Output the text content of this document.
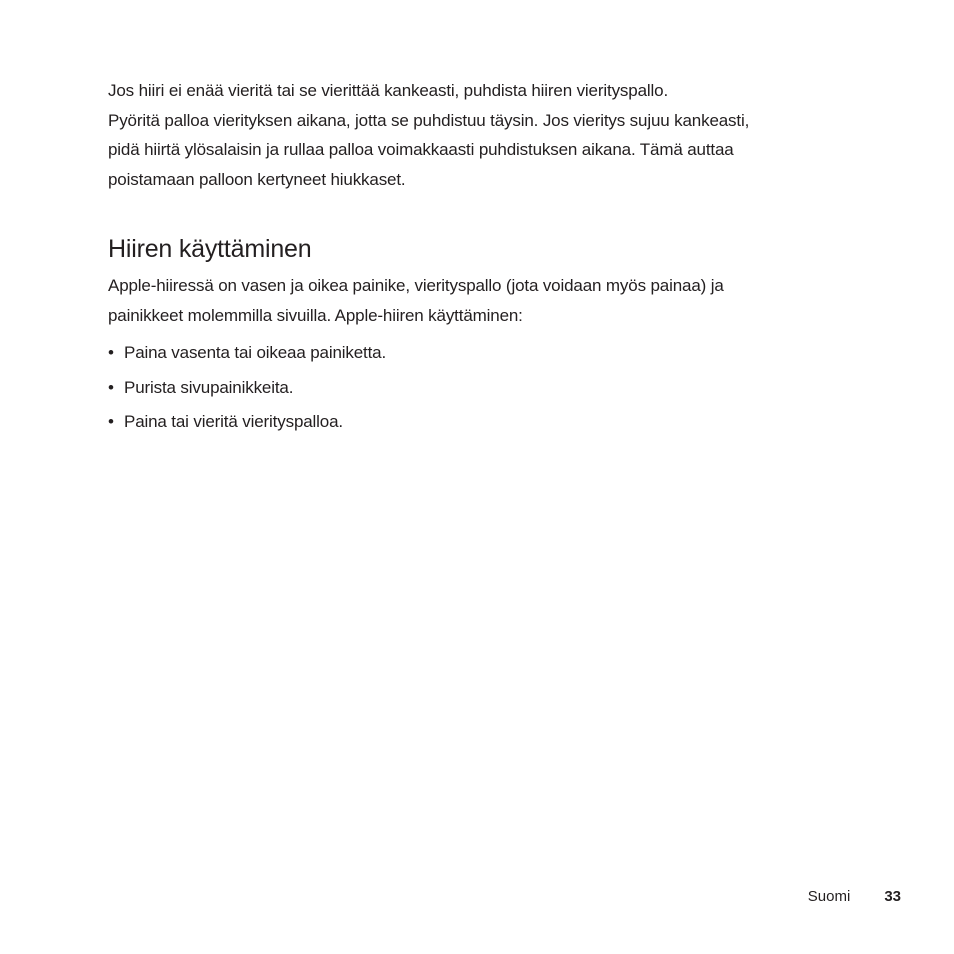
Jos hiiri ei enää vieritä tai se vierittää kankeasti, puhdista hiiren vierityspallo.
Pyöritä palloa vierityksen aikana, jotta se puhdistuu täysin. Jos vieritys sujuu kankeasti,
pidä hiirtä ylösalaisin ja rullaa palloa voimakkaasti puhdistuksen aikana. Tämä auttaa
poistamaan palloon kertyneet hiukkaset.

Hiiren käyttäminen

Apple-hiiressä on vasen ja oikea painike, vierityspallo (jota voidaan myös painaa) ja
painikkeet molemmilla sivuilla. Apple-hiiren käyttäminen:

• Paina vasenta tai oikeaa painiketta.
• Purista sivupainikkeita.
• Paina tai vieritä vierityspalloa.
Suomi 33
